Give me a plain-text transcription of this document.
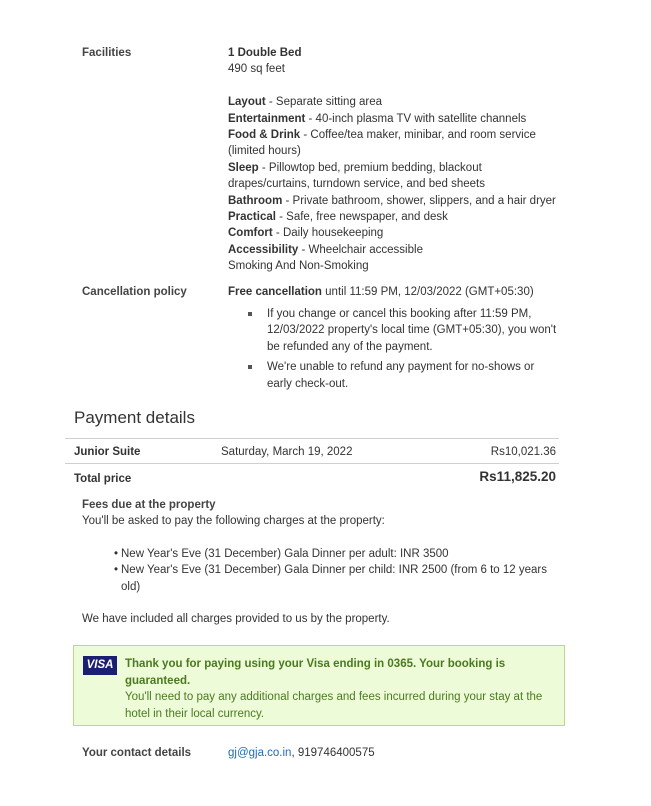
Facilities	1 Double Bed
490 sq feet
Layout - Separate sitting area
Entertainment - 40-inch plasma TV with satellite channels
Food & Drink - Coffee/tea maker, minibar, and room service (limited hours)
Sleep - Pillowtop bed, premium bedding, blackout drapes/curtains, turndown service, and bed sheets
Bathroom - Private bathroom, shower, slippers, and a hair dryer
Practical - Safe, free newspaper, and desk
Comfort - Daily housekeeping
Accessibility - Wheelchair accessible
Smoking And Non-Smoking
Cancellation policy	Free cancellation until 11:59 PM, 12/03/2022 (GMT+05:30)
If you change or cancel this booking after 11:59 PM, 12/03/2022 property's local time (GMT+05:30), you won't be refunded any of the payment.
We're unable to refund any payment for no-shows or early check-out.
Payment details
Junior Suite	Saturday, March 19, 2022	Rs10,021.36
Total price	Rs11,825.20
Fees due at the property
You'll be asked to pay the following charges at the property:
• New Year's Eve (31 December) Gala Dinner per adult: INR 3500
• New Year's Eve (31 December) Gala Dinner per child: INR 2500 (from 6 to 12 years old)
We have included all charges provided to us by the property.
VISA	Thank you for paying using your Visa ending in 0365. Your booking is guaranteed.
You'll need to pay any additional charges and fees incurred during your stay at the hotel in their local currency.
Your contact details	gj@gja.co.in, 919746400575
